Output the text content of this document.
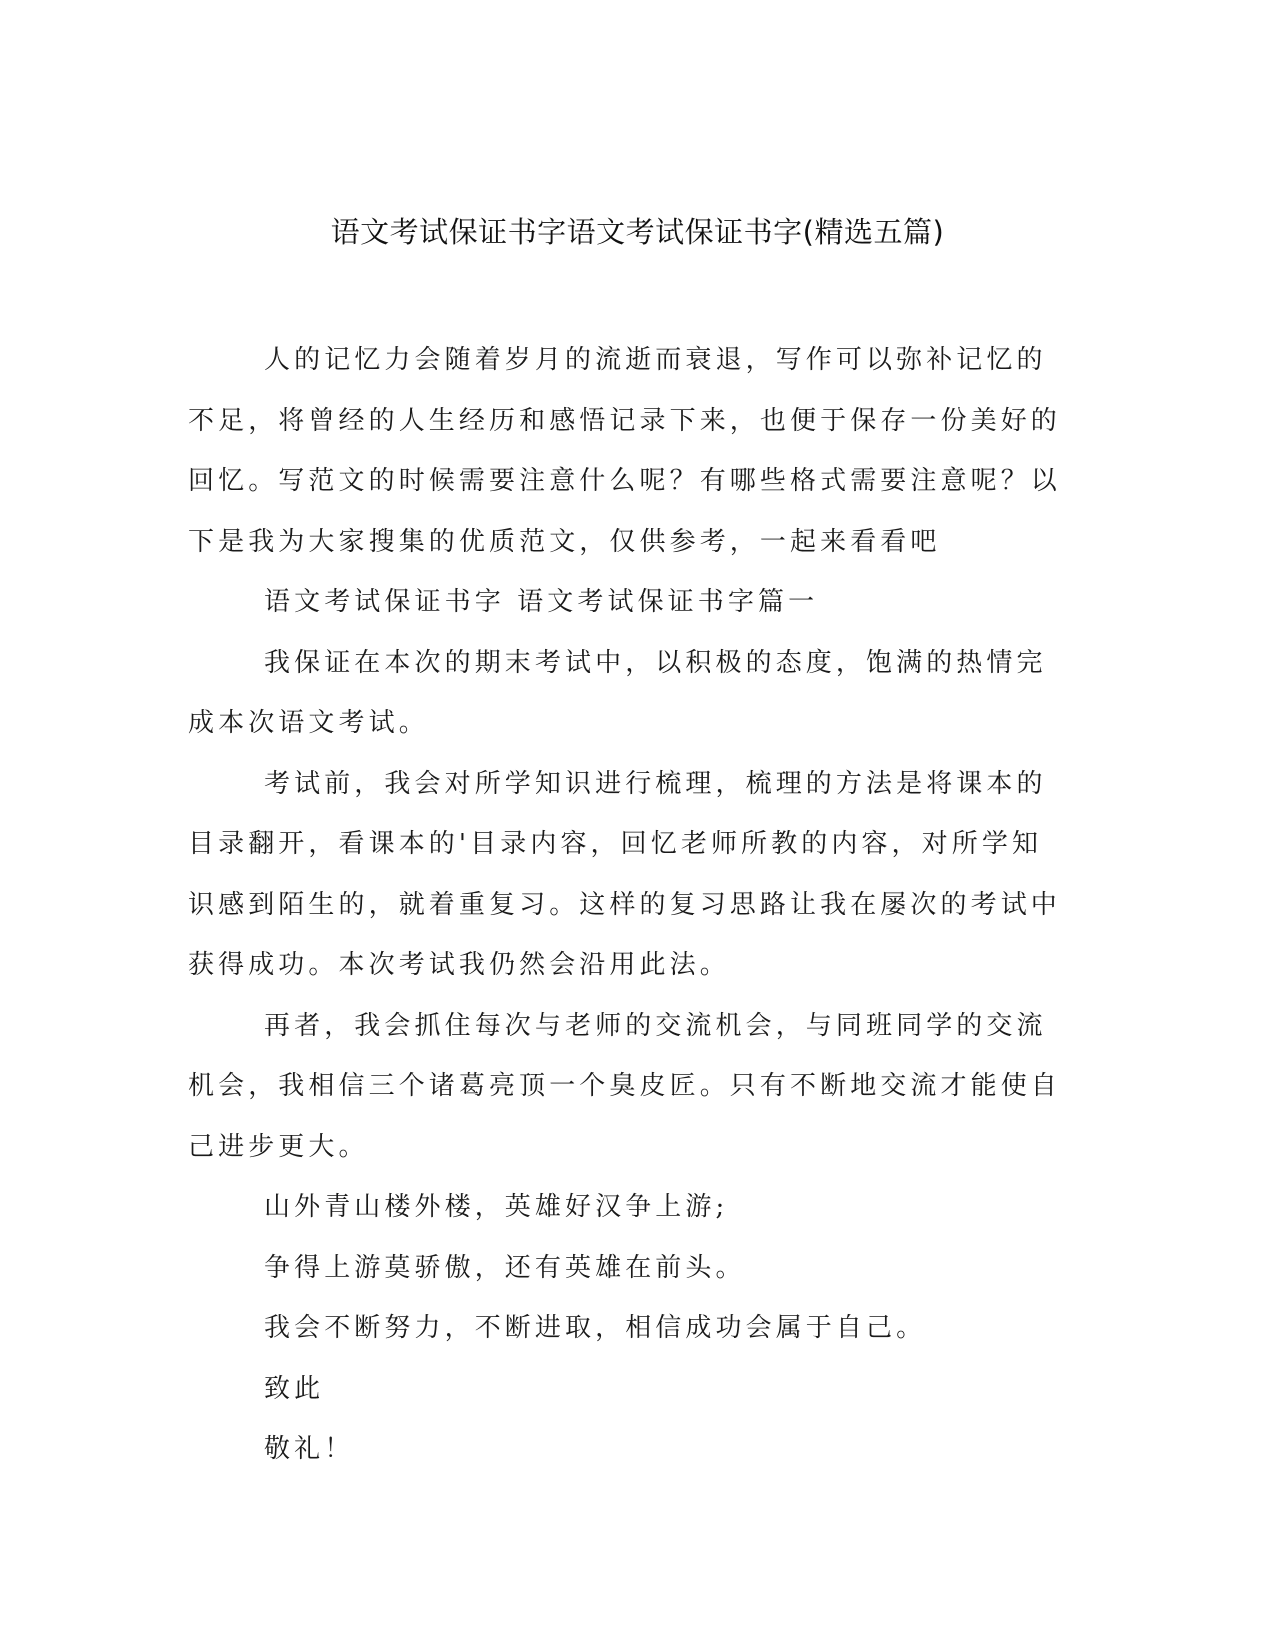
语文考试保证书字语文考试保证书字(精选五篇)

人的记忆力会随着岁月的流逝而衰退，写作可以弥补记忆的不足，将曾经的人生经历和感悟记录下来，也便于保存一份美好的回忆。写范文的时候需要注意什么呢？有哪些格式需要注意呢？以下是我为大家搜集的优质范文，仅供参考，一起来看看吧

语文考试保证书字 语文考试保证书字篇一

我保证在本次的期末考试中，以积极的态度，饱满的热情完成本次语文考试。

考试前，我会对所学知识进行梳理，梳理的方法是将课本的目录翻开，看课本的'目录内容，回忆老师所教的内容，对所学知识感到陌生的，就着重复习。这样的复习思路让我在屡次的考试中获得成功。本次考试我仍然会沿用此法。

再者，我会抓住每次与老师的交流机会，与同班同学的交流机会，我相信三个诸葛亮顶一个臭皮匠。只有不断地交流才能使自己进步更大。

山外青山楼外楼，英雄好汉争上游;

争得上游莫骄傲，还有英雄在前头。

我会不断努力，不断进取，相信成功会属于自己。

致此

敬礼！
